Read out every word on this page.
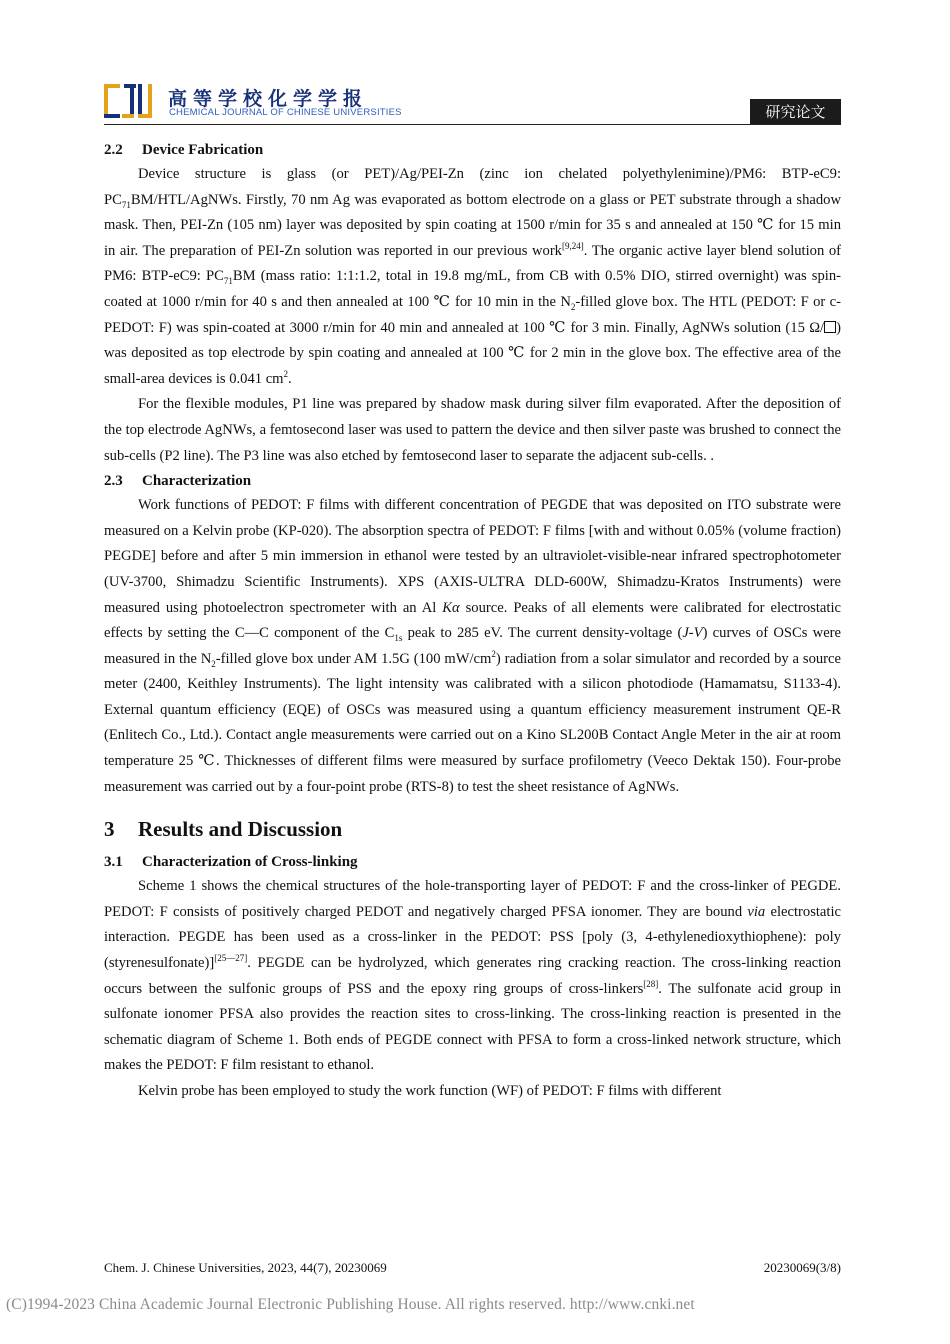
高等学校化学学报
CHEMICAL JOURNAL OF CHINESE UNIVERSITIES	研究论文
2.2 Device Fabrication

Device structure is glass (or PET)/Ag/PEI-Zn (zinc ion chelated polyethylenimine)/PM6: BTP-eC9: $PC_{71}BM/HTL$/AgNWs. Firstly, 70 nm Ag was evaporated as bottom electrode on a glass or PET substrate through a shadow mask. Then, PEI-Zn (105 nm) layer was deposited by spin coating at 1500 r/min for 35 s and annealed at 150 ℃ for 15 min in air. The preparation of PEI-Zn solution was reported in our previous work[9,24]. The organic active layer blend solution of PM6: BTP-eC9: $PC_{71}BM$ (mass ratio: 1:1:1.2, total in 19.8 mg/mL, from CB with 0.5% DIO, stirred overnight) was spin-coated at 1000 r/min for 40 s and then annealed at 100 ℃ for 10 min in the $N_2$-filled glove box. The HTL (PEDOT: F or c-PEDOT: F) was spin-coated at 3000 r/min for 40 min and annealed at 100 ℃ for 3 min. Finally, AgNWs solution (15 Ω/ ) was deposited as top electrode by spin coating and annealed at 100 ℃ for 2 min in the glove box. The effective area of the small-area devices is 0.041 $cm^2$.

For the flexible modules, P1 line was prepared by shadow mask during silver film evaporated. After the deposition of the top electrode AgNWs, a femtosecond laser was used to pattern the device and then silver paste was brushed to connect the sub-cells (P2 line). The P3 line was also etched by femtosecond laser to separate the adjacent sub-cells. .

2.3 Characterization

Work functions of PEDOT: F films with different concentration of PEGDE that was deposited on ITO substrate were measured on a Kelvin probe (KP-020). The absorption spectra of PEDOT: F films [with and without 0.05% (volume fraction) PEGDE] before and after 5 min immersion in ethanol were tested by an ultraviolet-visible-near infrared spectrophotometer (UV-3700, Shimadzu Scientific Instruments). XPS (AXIS-ULTRA DLD-600W, Shimadzu-Kratos Instruments) were measured using photoelectron spectrometer with an Al Kα source. Peaks of all elements were calibrated for electrostatic effects by setting the C—C component of the $C_{1s}$ peak to 285 eV. The current density-voltage (J-V) curves of OSCs were measured in the $N_2$-filled glove box under AM 1.5G (100 $mW/cm^2$) radiation from a solar simulator and recorded by a source meter (2400, Keithley Instruments). The light intensity was calibrated with a silicon photodiode (Hamamatsu, S1133-4). External quantum efficiency (EQE) of OSCs was measured using a quantum efficiency measurement instrument QE-R (Enlitech Co., Ltd.). Contact angle measurements were carried out on a Kino SL200B Contact Angle Meter in the air at room temperature 25 ℃. Thicknesses of different films were measured by surface profilometry (Veeco Dektak 150). Four-probe measurement was carried out by a four-point probe (RTS-8) to test the sheet resistance of AgNWs.

3 Results and Discussion
3.1 Characterization of Cross-linking

Scheme 1 shows the chemical structures of the hole-transporting layer of PEDOT: F and the cross-linker of PEGDE. PEDOT: F consists of positively charged PEDOT and negatively charged PFSA ionomer. They are bound via electrostatic interaction. PEGDE has been used as a cross-linker in the PEDOT: PSS [poly (3, 4-ethylenedioxythiophene): poly (styrenesulfonate)][25—27]. PEGDE can be hydrolyzed, which generates ring cracking reaction. The cross-linking reaction occurs between the sulfonic groups of PSS and the epoxy ring groups of cross-linkers[28]. The sulfonate acid group in sulfonate ionomer PFSA also provides the reaction sites to cross-linking. The cross-linking reaction is presented in the schematic diagram of Scheme 1. Both ends of PEGDE connect with PFSA to form a cross-linked network structure, which makes the PEDOT: F film resistant to ethanol.

Kelvin probe has been employed to study the work function (WF) of PEDOT: F films with different

Chem. J. Chinese Universities, 2023, 44(7), 20230069	20230069(3/8)
(C)1994-2023 China Academic Journal Electronic Publishing House. All rights reserved. http://www.cnki.net
